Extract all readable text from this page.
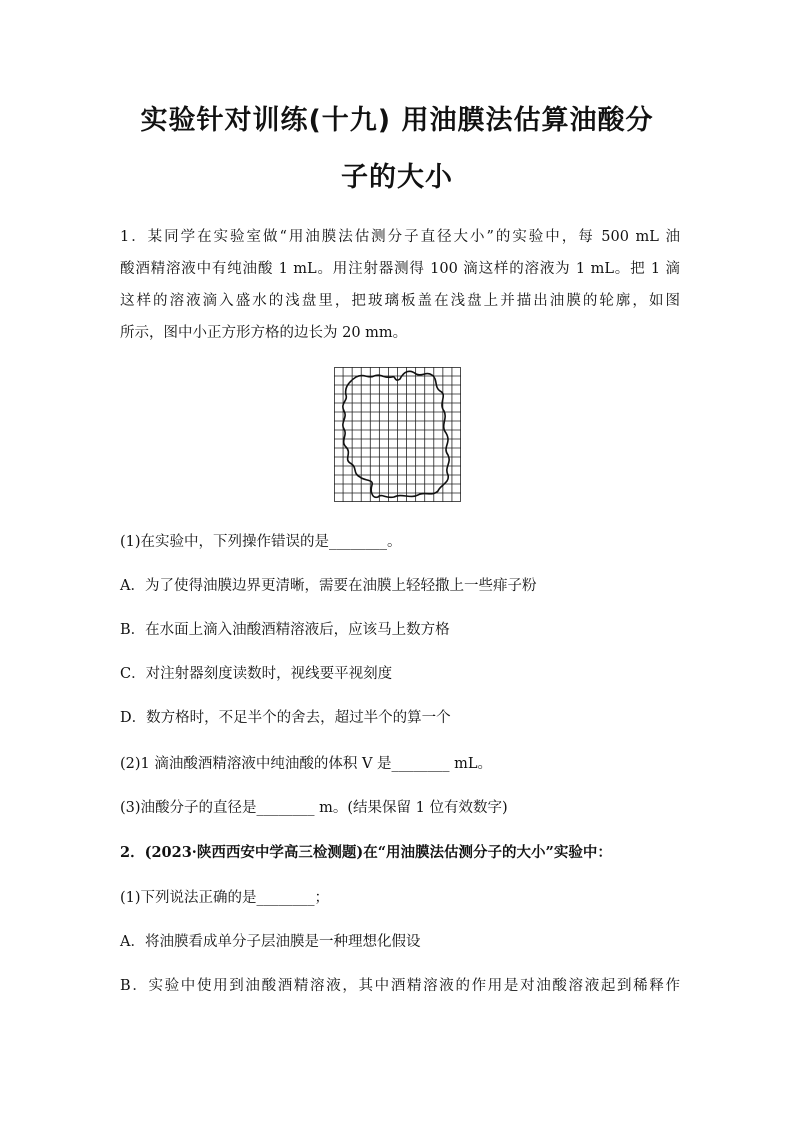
实验针对训练(十九) 用油膜法估算油酸分
子的大小
1．某同学在实验室做“用油膜法估测分子直径大小”的实验中，每 500 mL 油
酸酒精溶液中有纯油酸 1 mL。用注射器测得 100 滴这样的溶液为 1 mL。把 1 滴
这样的溶液滴入盛水的浅盘里，把玻璃板盖在浅盘上并描出油膜的轮廓，如图
所示，图中小正方形方格的边长为 20 mm。
(1)在实验中，下列操作错误的是________。
A．为了使得油膜边界更清晰，需要在油膜上轻轻撒上一些痱子粉
B．在水面上滴入油酸酒精溶液后，应该马上数方格
C．对注射器刻度读数时，视线要平视刻度
D．数方格时，不足半个的舍去，超过半个的算一个
(2)1 滴油酸酒精溶液中纯油酸的体积 V 是________ mL。
(3)油酸分子的直径是________ m。(结果保留 1 位有效数字)
2．(2023·陕西西安中学高三检测题)在“用油膜法估测分子的大小”实验中：
(1)下列说法正确的是________；
A．将油膜看成单分子层油膜是一种理想化假设
B．实验中使用到油酸酒精溶液，其中酒精溶液的作用是对油酸溶液起到稀释作
